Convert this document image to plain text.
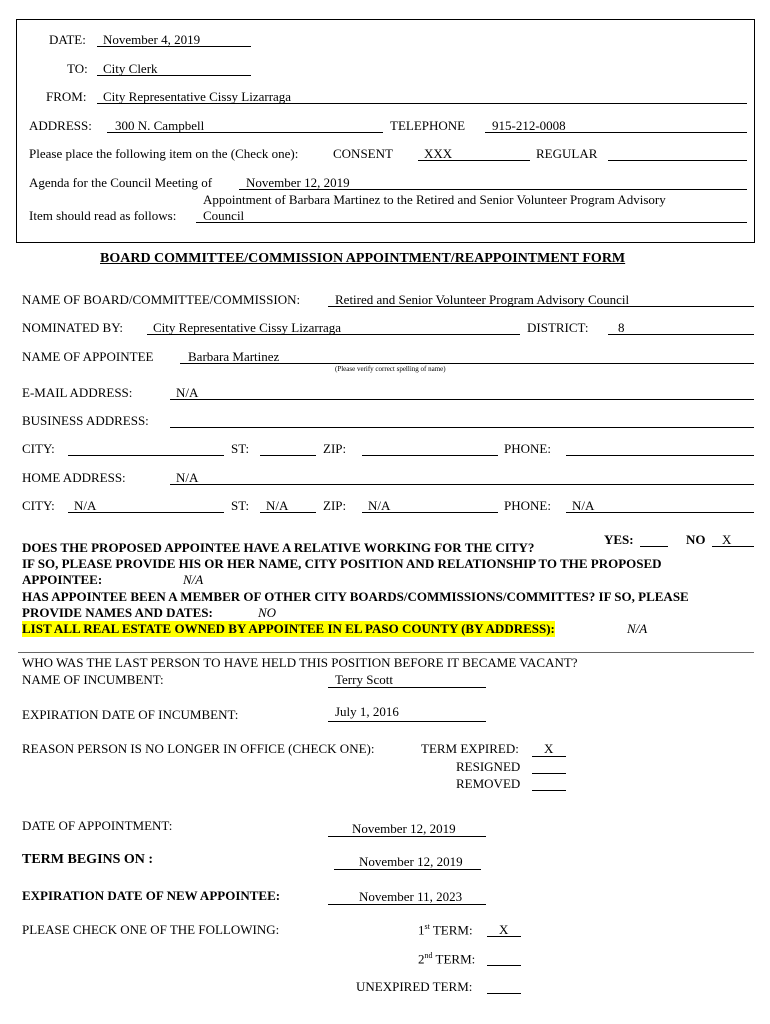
DATE: November 4, 2019
TO: City Clerk
FROM: City Representative Cissy Lizarraga
ADDRESS: 300 N. Campbell	TELEPHONE 915-212-0008
Please place the following item on the (Check one):	CONSENT XXX	REGULAR
Agenda for the Council Meeting of	November 12, 2019
Appointment of Barbara Martinez to the Retired and Senior Volunteer Program Advisory
Item should read as follows: Council
BOARD COMMITTEE/COMMISSION APPOINTMENT/REAPPOINTMENT FORM
NAME OF BOARD/COMMITTEE/COMMISSION:	Retired and Senior Volunteer Program Advisory Council
NOMINATED BY: City Representative Cissy Lizarraga	DISTRICT: 8
NAME OF APPOINTEE	Barbara Martinez
(Please verify correct spelling of name)
E-MAIL ADDRESS:	N/A
BUSINESS ADDRESS:
CITY:	ST:	ZIP:	PHONE:
HOME ADDRESS:	N/A
CITY: N/A	ST: N/A	ZIP: N/A	PHONE: N/A
YES:	NO X
DOES THE PROPOSED APPOINTEE HAVE A RELATIVE WORKING FOR THE CITY?
IF SO, PLEASE PROVIDE HIS OR HER NAME, CITY POSITION AND RELATIONSHIP TO THE PROPOSED
APPOINTEE:	N/A
HAS APPOINTEE BEEN A MEMBER OF OTHER CITY BOARDS/COMMISSIONS/COMMITTES? IF SO, PLEASE
PROVIDE NAMES AND DATES:	NO
LIST ALL REAL ESTATE OWNED BY APPOINTEE IN EL PASO COUNTY (BY ADDRESS):	N/A
WHO WAS THE LAST PERSON TO HAVE HELD THIS POSITION BEFORE IT BECAME VACANT?
NAME OF INCUMBENT:	Terry Scott
EXPIRATION DATE OF INCUMBENT:	July 1, 2016
REASON PERSON IS NO LONGER IN OFFICE (CHECK ONE):	TERM EXPIRED: X
RESIGNED
REMOVED
DATE OF APPOINTMENT:	November 12, 2019
TERM BEGINS ON :	November 12, 2019
EXPIRATION DATE OF NEW APPOINTEE:	November 11, 2023
PLEASE CHECK ONE OF THE FOLLOWING:	1st TERM: X
2nd TERM:
UNEXPIRED TERM:
